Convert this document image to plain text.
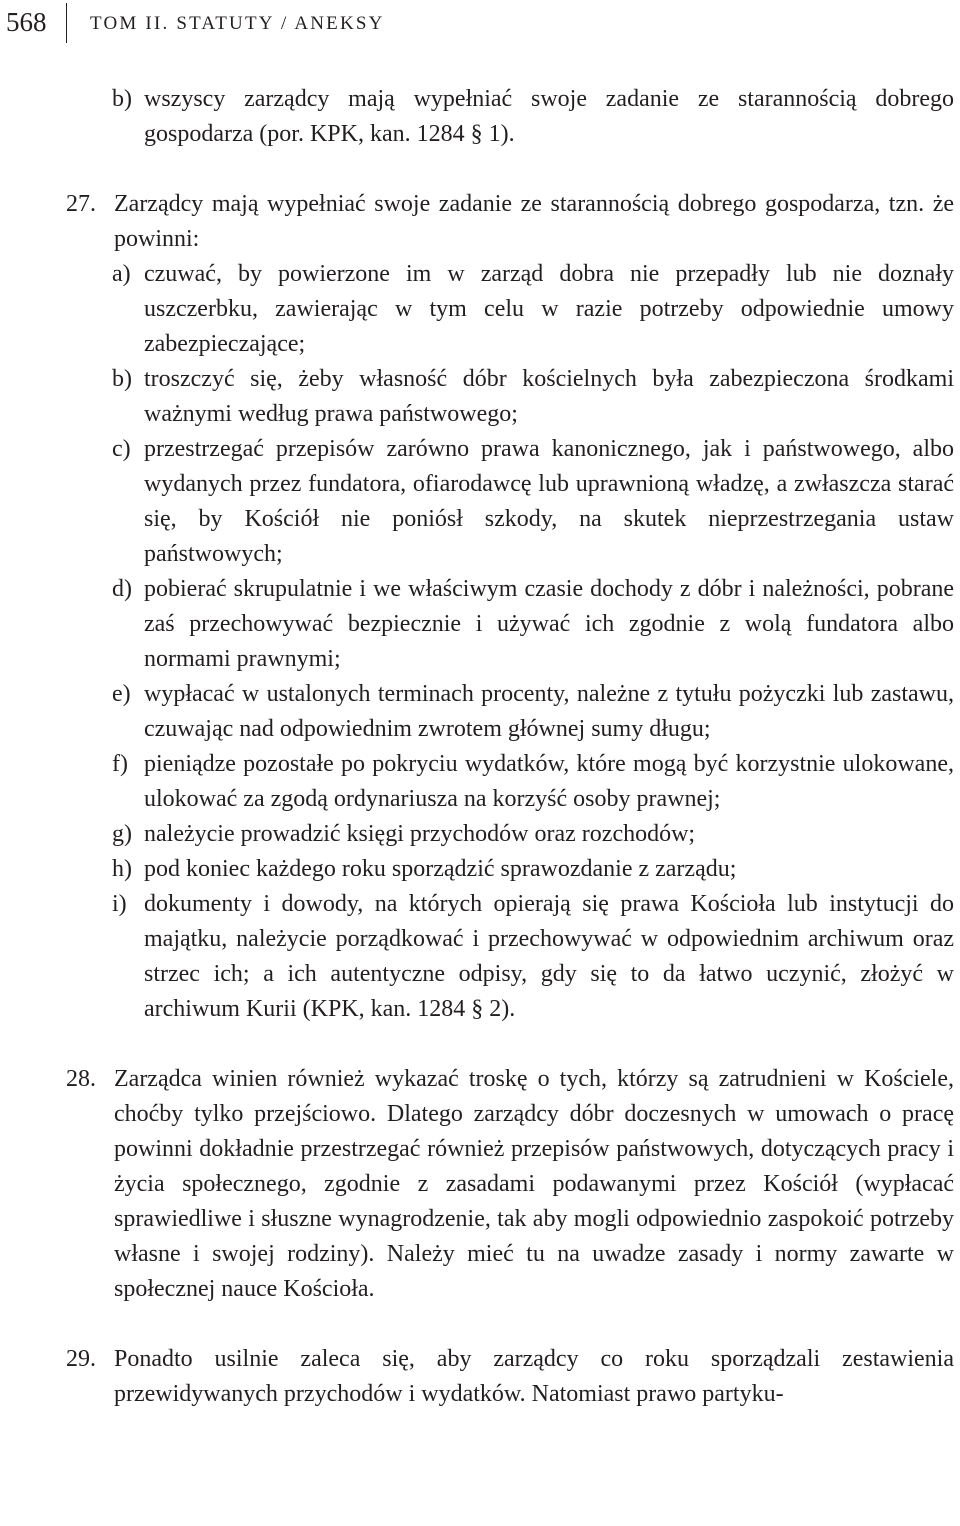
568 TOM II. STATUTY / ANEKSY
b) wszyscy zarządcy mają wypełniać swoje zadanie ze starannością dobrego gospodarza (por. KPK, kan. 1284 § 1).
27. Zarządcy mają wypełniać swoje zadanie ze starannością dobrego gospodarza, tzn. że powinni:
a) czuwać, by powierzone im w zarząd dobra nie przepadły lub nie doznały uszczerbku, zawierając w tym celu w razie potrzeby odpowiednie umowy zabezpieczające;
b) troszczyć się, żeby własność dóbr kościelnych była zabezpieczona środkami ważnymi według prawa państwowego;
c) przestrzegać przepisów zarówno prawa kanonicznego, jak i państwowego, albo wydanych przez fundatora, ofiarodawcę lub uprawnioną władzę, a zwłaszcza starać się, by Kościół nie poniósł szkody, na skutek nieprzestrzegania ustaw państwowych;
d) pobierać skrupulatnie i we właściwym czasie dochody z dóbr i należności, pobrane zaś przechowywać bezpiecznie i używać ich zgodnie z wolą fundatora albo normami prawnymi;
e) wypłacać w ustalonych terminach procenty, należne z tytułu pożyczki lub zastawu, czuwając nad odpowiednim zwrotem głównej sumy długu;
f) pieniądze pozostałe po pokryciu wydatków, które mogą być korzystnie ulokowane, ulokować za zgodą ordynariusza na korzyść osoby prawnej;
g) należycie prowadzić księgi przychodów oraz rozchodów;
h) pod koniec każdego roku sporządzić sprawozdanie z zarządu;
i) dokumenty i dowody, na których opierają się prawa Kościoła lub instytucji do majątku, należycie porządkować i przechowywać w odpowiednim archiwum oraz strzec ich; a ich autentyczne odpisy, gdy się to da łatwo uczynić, złożyć w archiwum Kurii (KPK, kan. 1284 § 2).
28. Zarządca winien również wykazać troskę o tych, którzy są zatrudnieni w Kościele, choćby tylko przejściowo. Dlatego zarządcy dóbr doczesnych w umowach o pracę powinni dokładnie przestrzegać również przepisów państwowych, dotyczących pracy i życia społecznego, zgodnie z zasadami podawanymi przez Kościół (wypłacać sprawiedliwe i słuszne wynagrodzenie, tak aby mogli odpowiednio zaspokoić potrzeby własne i swojej rodziny). Należy mieć tu na uwadze zasady i normy zawarte w społecznej nauce Kościoła.
29. Ponadto usilnie zaleca się, aby zarządcy co roku sporządzali zestawienia przewidywanych przychodów i wydatków. Natomiast prawo partyku-
